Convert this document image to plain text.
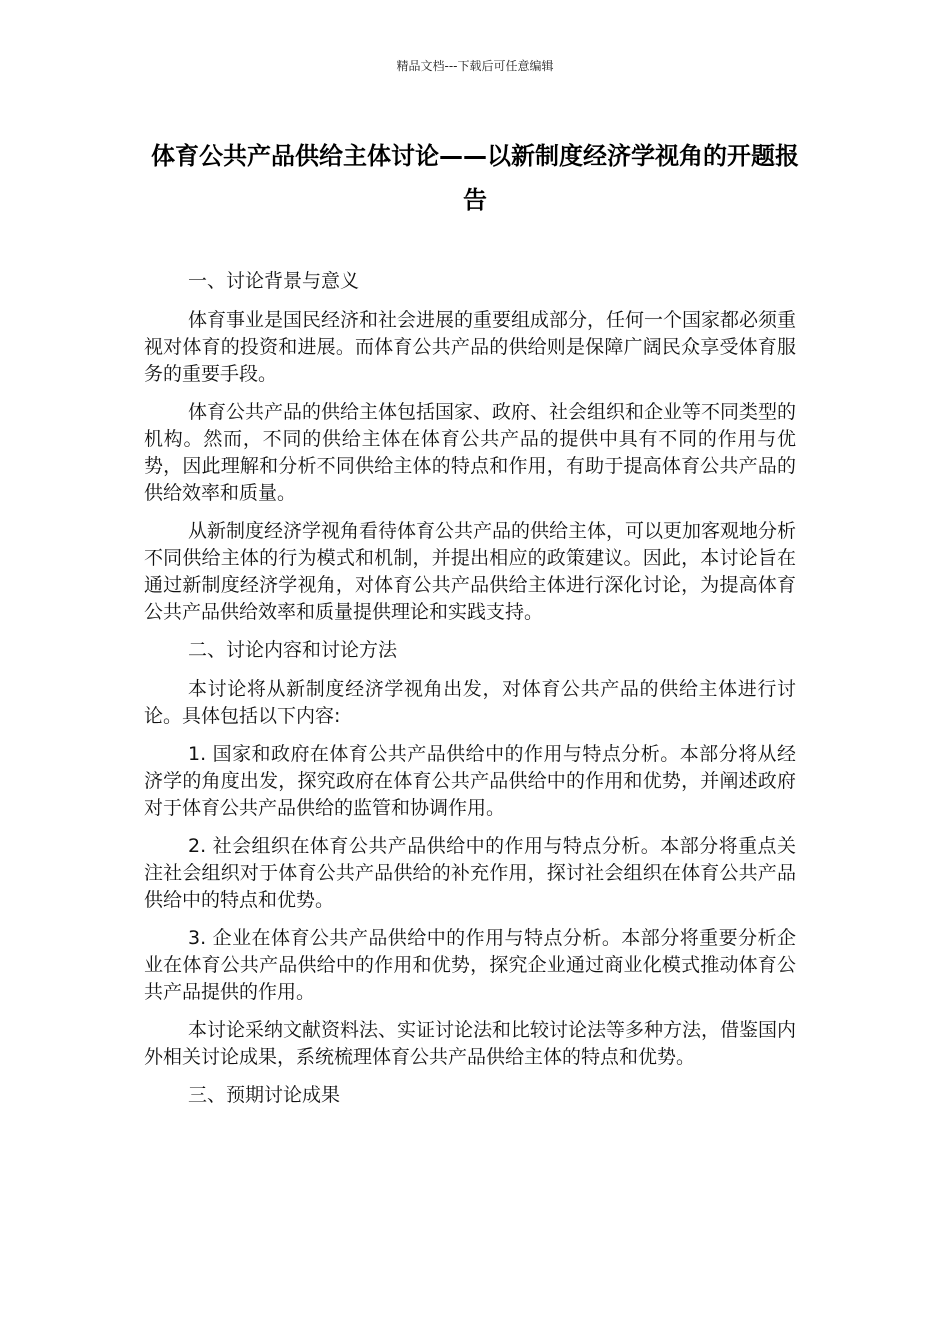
精品文档---下载后可任意编辑
体育公共产品供给主体讨论——以新制度经济学视角的开题报告

一、讨论背景与意义

体育事业是国民经济和社会进展的重要组成部分，任何一个国家都必须重视对体育的投资和进展。而体育公共产品的供给则是保障广阔民众享受体育服务的重要手段。

体育公共产品的供给主体包括国家、政府、社会组织和企业等不同类型的机构。然而，不同的供给主体在体育公共产品的提供中具有不同的作用与优势，因此理解和分析不同供给主体的特点和作用，有助于提高体育公共产品的供给效率和质量。

从新制度经济学视角看待体育公共产品的供给主体，可以更加客观地分析不同供给主体的行为模式和机制，并提出相应的政策建议。因此，本讨论旨在通过新制度经济学视角，对体育公共产品供给主体进行深化讨论，为提高体育公共产品供给效率和质量提供理论和实践支持。

二、讨论内容和讨论方法

本讨论将从新制度经济学视角出发，对体育公共产品的供给主体进行讨论。具体包括以下内容:

1. 国家和政府在体育公共产品供给中的作用与特点分析。本部分将从经济学的角度出发，探究政府在体育公共产品供给中的作用和优势，并阐述政府对于体育公共产品供给的监管和协调作用。

2. 社会组织在体育公共产品供给中的作用与特点分析。本部分将重点关注社会组织对于体育公共产品供给的补充作用，探讨社会组织在体育公共产品供给中的特点和优势。

3. 企业在体育公共产品供给中的作用与特点分析。本部分将重要分析企业在体育公共产品供给中的作用和优势，探究企业通过商业化模式推动体育公共产品提供的作用。

本讨论采纳文献资料法、实证讨论法和比较讨论法等多种方法，借鉴国内外相关讨论成果，系统梳理体育公共产品供给主体的特点和优势。

三、预期讨论成果
